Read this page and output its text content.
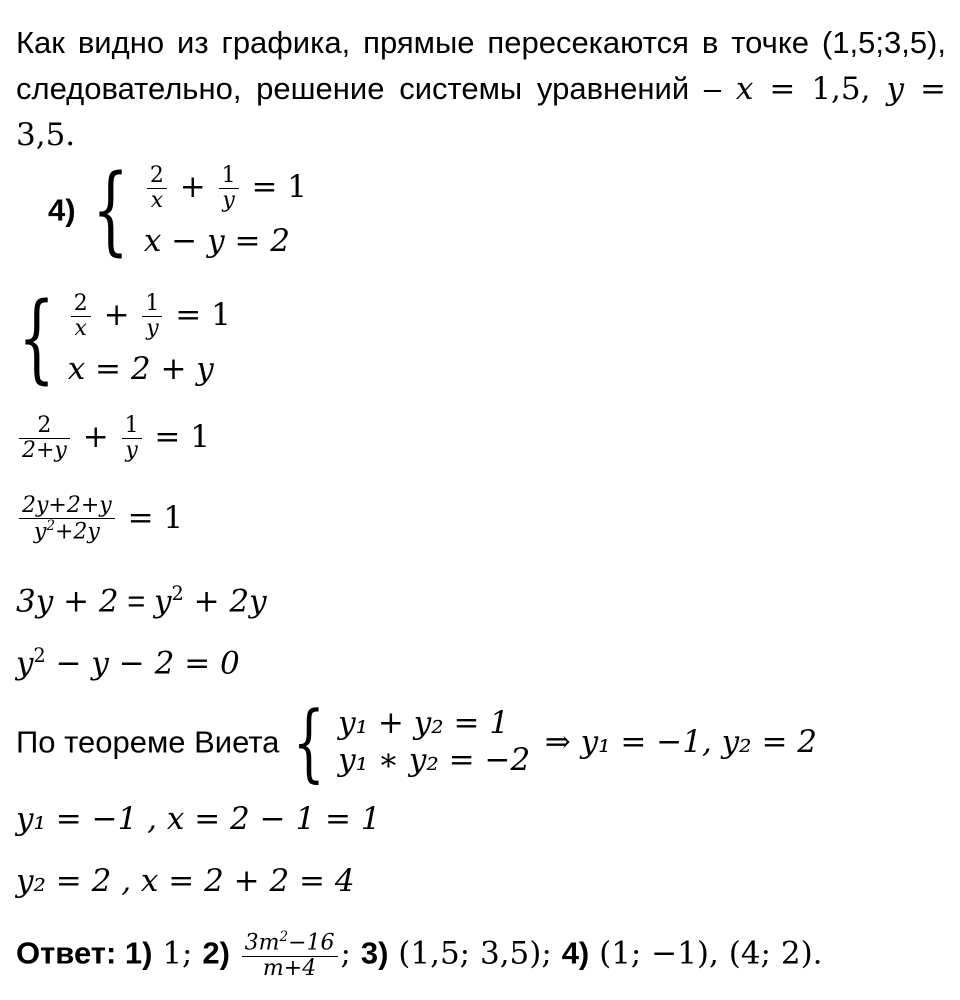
Как видно из графика, прямые пересекаются в точке (1,5;3,5), следовательно, решение системы уравнений – x = 1,5, y = 3,5.
4) { $\frac{2}{x} + \frac{1}{y} = 1$
x − y = 2
{ $\frac{2}{x} + \frac{1}{y} = 1$
x = 2 + y
$\frac{2}{2+y} + \frac{1}{y} = 1$
$\frac{2y+2+y}{y^2+2y} = 1$
$3y + 2 = y^2 + 2y$
$y^2 - y - 2 = 0$
По теореме Виета { y₁ + y₂ = 1
y₁ ∗ y₂ = −2
⇒ y₁ = −1, y₂ = 2
y₁ = −1 , x = 2 − 1 = 1
y₂ = 2 , x = 2 + 2 = 4
Ответ: 1) 1; $2) \frac{3m^2-16}{m+4}$ ; 3) (1,5; 3,5); 4) (1; −1), (4; 2).
